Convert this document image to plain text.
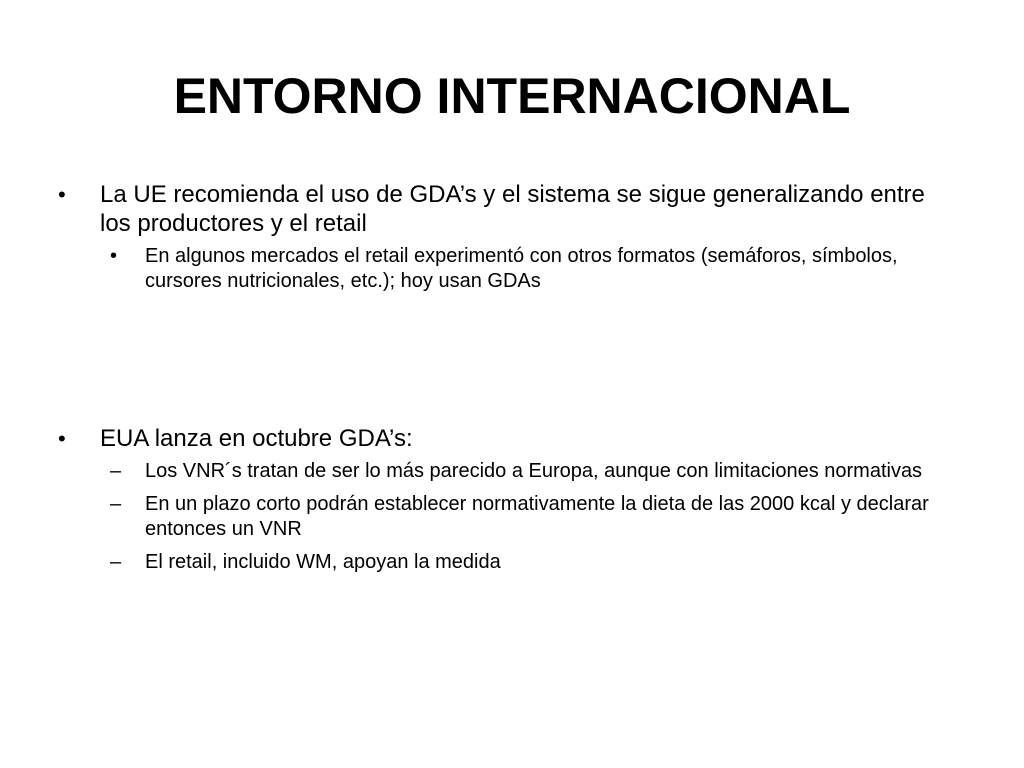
ENTORNO INTERNACIONAL
•	La UE recomienda el uso de GDA’s y el sistema se sigue generalizando entre los productores y el retail
•	En algunos mercados el retail experimentó con otros formatos (semáforos, símbolos, cursores nutricionales, etc.); hoy usan GDAs
•	EUA lanza en octubre GDA’s:
–	Los VNR´s tratan de ser lo más parecido a Europa, aunque con limitaciones normativas
–	En un plazo corto podrán establecer normativamente la dieta de las 2000 kcal y declarar entonces un VNR
–	El retail, incluido WM, apoyan la medida
